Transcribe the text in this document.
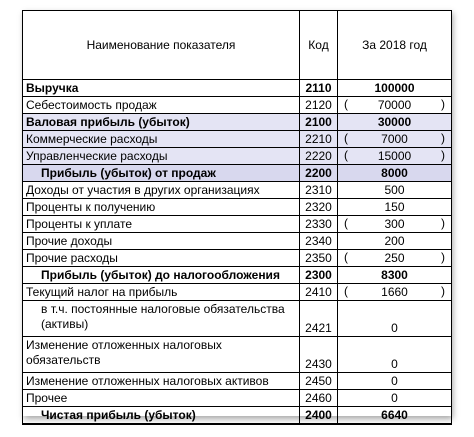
Наименование показателя	Код	За 2018 год
Выручка	2110	100000

Себестоимость продаж	2120	( 70000 )

Валовая прибыль (убыток)	2100	30000

Коммерческие расходы	2210	( 7000 )

Управленческие расходы	2220	( 15000 )

Прибыль (убыток) от продаж	2200	8000

Доходы от участия в других организациях	2310	500

Проценты к получению	2320	150

Проценты к уплате	2330	( 300 )

Прочие доходы	2340	200

Прочие расходы	2350	( 250 )

Прибыль (убыток) до налогообложения	2300	8300

Текущий налог на прибыль	2410	( 1660 )

в т.ч. постоянные налоговые обязательства (активы)	2421	0

Изменение отложенных налоговых обязательств	2430	0

Изменение отложенных налоговых активов	2450	0

Прочее	2460	0

Чистая прибыль (убыток)	2400	6640
